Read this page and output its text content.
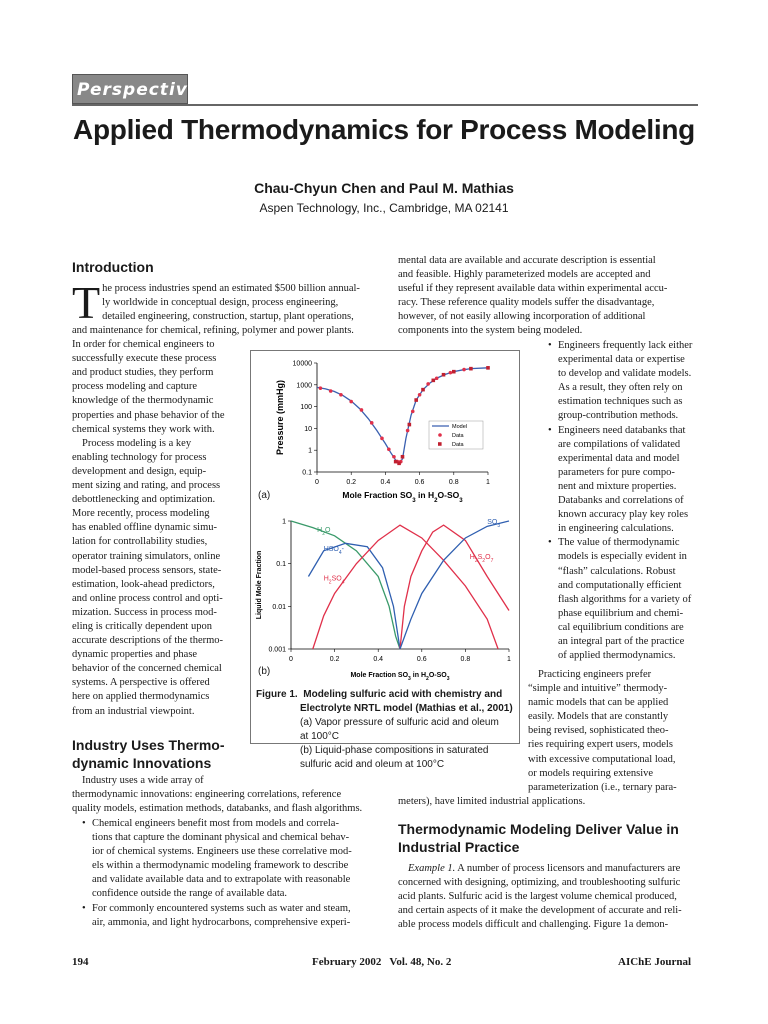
Perspective
Applied Thermodynamics for Process Modeling
Chau-Chyun Chen and Paul M. Mathias
Aspen Technology, Inc., Cambridge, MA 02141
Introduction
T he process industries spend an estimated $500 billion annual-
ly worldwide in conceptual design, process engineering,
detailed engineering, construction, startup, plant operations,
and maintenance for chemical, refining, polymer and power plants.
In order for chemical engineers to
successfully execute these process
and product studies, they perform
process modeling and capture
knowledge of the thermodynamic
properties and phase behavior of the
chemical systems they work with.
Process modeling is a key
enabling technology for process
development and design, equip-
ment sizing and rating, and process
debottlenecking and optimization.
More recently, process modeling
has enabled offline dynamic simu-
lation for controllability studies,
operator training simulators, online
model-based process sensors, state-
estimation, look-ahead predictors,
and online process control and opti-
mization. Success in process mod-
eling is critically dependent upon
accurate descriptions of the thermo-
dynamic properties and phase
behavior of the concerned chemical
systems. A perspective is offered
here on applied thermodynamics
from an industrial viewpoint.
Industry Uses Thermo-
dynamic Innovations
Industry uses a wide array of
thermodynamic innovations: engineering correlations, reference
quality models, estimation methods, databanks, and flash algorithms.
• Chemical engineers benefit most from models and correla-
tions that capture the dominant physical and chemical behav-
ior of chemical systems. Engineers use these correlative mod-
els within a thermodynamic modeling framework to describe
and validate available data and to extrapolate with reasonable
confidence outside the range of available data.
• For commonly encountered systems such as water and steam,
air, ammonia, and light hydrocarbons, comprehensive experi-
mental data are available and accurate description is essential
and feasible. Highly parameterized models are accepted and
useful if they represent available data within experimental accu-
racy. These reference quality models suffer the disadvantage,
however, of not easily allowing incorporation of additional
components into the system being modeled.
• Engineers frequently lack either
experimental data or expertise
to develop and validate models.
As a result, they often rely on
estimation techniques such as
group-contribution methods.
• Engineers need databanks that
are compilations of validated
experimental data and model
parameters for pure compo-
nent and mixture properties.
Databanks and correlations of
known accuracy play key roles
in engineering calculations.
• The value of thermodynamic
models is especially evident in
“flash” calculations. Robust
and computationally efficient
flash algorithms for a variety of
phase equilibrium and chemi-
cal equilibrium conditions are
an integral part of the practice
of applied thermodynamics.
Practicing engineers prefer
“simple and intuitive” thermody-
namic models that can be applied
easily. Models that are constantly
being revised, sophisticated theo-
ries requiring expert users, models
with excessive computational load,
or models requiring extensive
parameterization (i.e., ternary para-
meters), have limited industrial applications.
Thermodynamic Modeling Deliver Value in
Industrial Practice
Example 1. A number of process licensors and manufacturers are
concerned with designing, optimizing, and troubleshooting sulfuric
acid plants. Sulfuric acid is the largest volume chemical produced,
and certain aspects of it make the development of accurate and reli-
able process models difficult and challenging. Figure 1a demon-
0	0.2	0.4	0.6	0.8	1
0.1
1
10
100
1000
10000
Mole Fraction $SO_3$ in $H_2O-SO_3$
Pressure (mmHg)	Model
Data
Data
0	0.2	0.4	0.6	0.8	1
0.001
0.01
0.1
1
Mole Fraction $SO_3$ in $H_2O-SO_3$
Liquid Mole Fraction
$H_2O$
$HSO_4-$
$H_2SO_4$
$H_2S_2O_7$
$SO_3$
(a)
(b)
Figure 1. Modeling sulfuric acid with chemistry and
Electrolyte NRTL model (Mathias et al., 2001)
(a) Vapor pressure of sulfuric acid and oleum
at 100°C
(b) Liquid-phase compositions in saturated
sulfuric acid and oleum at 100°C
194	February 2002   Vol. 48, No. 2	AIChE Journal
